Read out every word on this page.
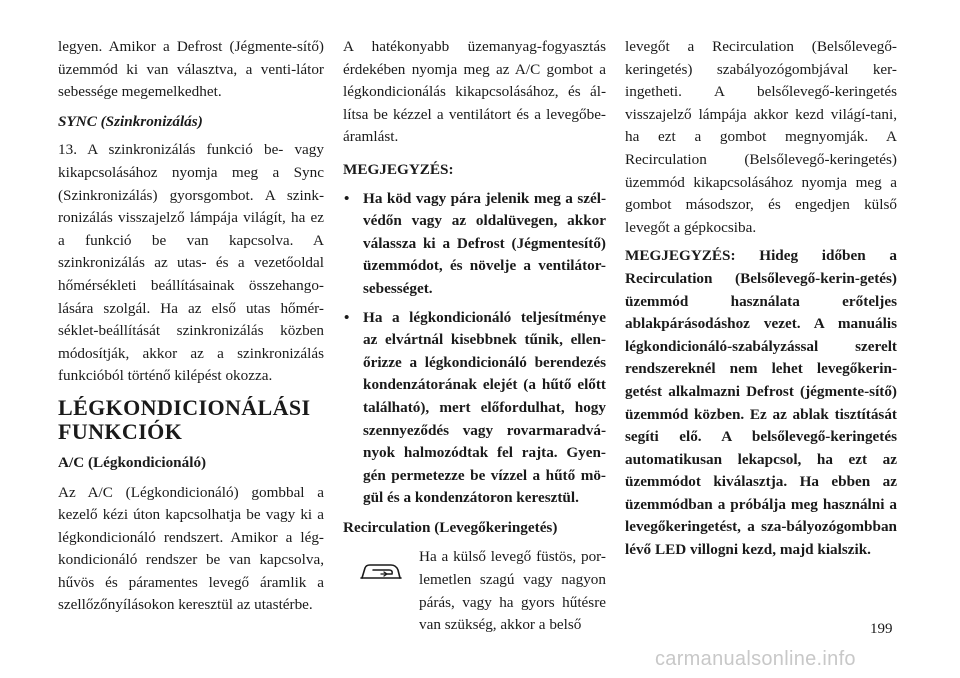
legyen. Amikor a Defrost (Jégmente-sítő) üzemmód ki van választva, a venti-látor sebessége megemelkedhet.

SYNC (Szinkronizálás)

13. A szinkronizálás funkció be- vagy kikapcsolásához nyomja meg a Sync (Szinkronizálás) gyorsgombot. A szink-ronizálás visszajelző lámpája világít, ha ez a funkció be van kapcsolva. A szinkronizálás az utas- és a vezetőoldal hőmérsékleti beállításainak összehango-lására szolgál. Ha az első utas hőmér-séklet-beállítását szinkronizálás közben módosítják, akkor az a szinkronizálás funkcióból történő kilépést okozza.

LÉGKONDICIONÁLÁSI
FUNKCIÓK
A/C (Légkondicionáló)

Az A/C (Légkondicionáló) gombbal a kezelő kézi úton kapcsolhatja be vagy ki a légkondicionáló rendszert. Amikor a lég-kondicionáló rendszer be van kapcsolva, hűvös és páramentes levegő áramlik a szellőzőnyílásokon keresztül az utastérbe.

A hatékonyabb üzemanyag-fogyasztás érdekében nyomja meg az A/C gombot a légkondicionálás kikapcsolásához, és ál-lítsa be kézzel a ventilátort és a levegőbe-áramlást.

MEGJEGYZÉS:
• Ha köd vagy pára jelenik meg a szél-védőn vagy az oldalüvegen, akkor válassza ki a Defrost (Jégmentesítő) üzemmódot, és növelje a ventilátor-sebességet.
• Ha a légkondicionáló teljesítménye az elvártnál kisebbnek tűnik, ellen-őrizze a légkondicionáló berendezés kondenzátorának elejét (a hűtő előtt található), mert előfordulhat, hogy szennyeződés vagy rovarmaradvá-nyok halmozódtak fel rajta. Gyen-gén permetezze be vízzel a hűtő mö-gül és a kondenzátoron keresztül.
Recirculation (Levegőkeringetés)

Ha a külső levegő füstös, por-lemetlen szagú vagy nagyon párás, vagy ha gyors hűtésre van szükség, akkor a belső

levegőt a Recirculation (Belsőlevegő-keringetés) szabályozógombjával ker-ingetheti. A belsőlevegő-keringetés visszajelző lámpája akkor kezd világí-tani, ha ezt a gombot megnyomják. A Recirculation (Belsőlevegő-keringetés) üzemmód kikapcsolásához nyomja meg a gombot másodszor, és engedjen külső levegőt a gépkocsiba.

MEGJEGYZÉS: Hideg időben a Recirculation (Belsőlevegő-kerin-getés) üzemmód használata erőteljes ablakpárásodáshoz vezet. A manuális légkondicionáló-szabályzással szerelt rendszereknél nem lehet levegőkerin-getést alkalmazni Defrost (jégmente-sítő) üzemmód közben. Ez az ablak tisztítását segíti elő. A belsőlevegő-keringetés automatikusan lekapcsol, ha ezt az üzemmódot kiválasztja. Ha ebben az üzemmódban a próbálja meg használni a levegőkeringetést, a sza-bályozógombban lévő LED villogni kezd, majd kialszik.

199
carmanualsonline.info
